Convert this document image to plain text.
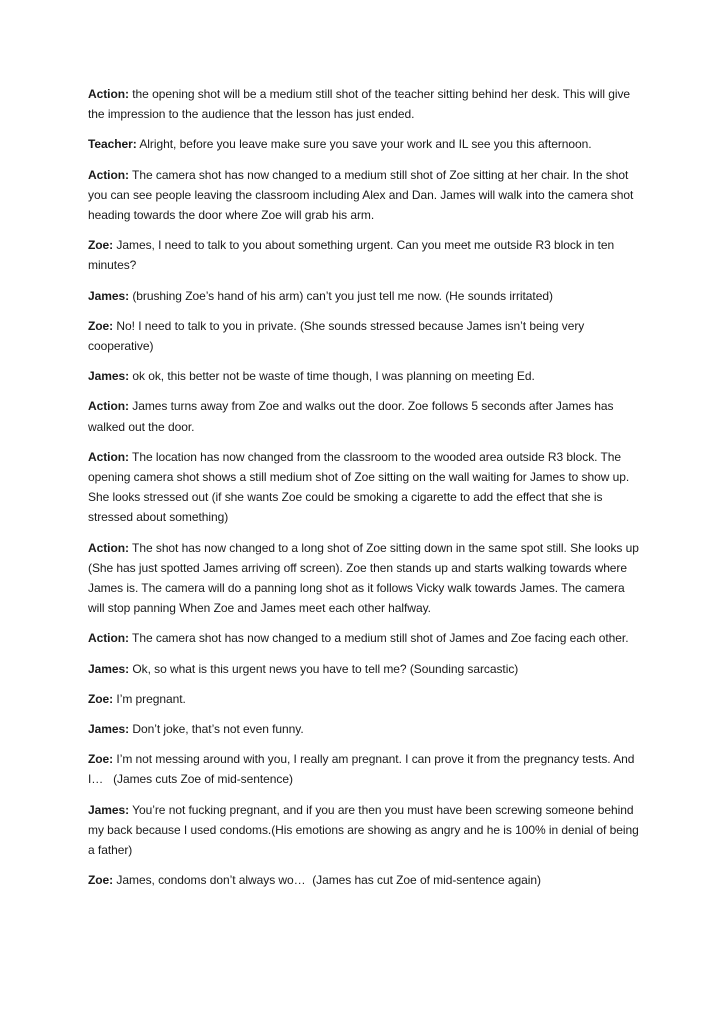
Action: the opening shot will be a medium still shot of the teacher sitting behind her desk. This will give the impression to the audience that the lesson has just ended.

Teacher: Alright, before you leave make sure you save your work and IL see you this afternoon.

Action: The camera shot has now changed to a medium still shot of Zoe sitting at her chair. In the shot you can see people leaving the classroom including Alex and Dan. James will walk into the camera shot heading towards the door where Zoe will grab his arm.

Zoe: James, I need to talk to you about something urgent. Can you meet me outside R3 block in ten minutes?

James: (brushing Zoe’s hand of his arm) can’t you just tell me now. (He sounds irritated)

Zoe: No! I need to talk to you in private. (She sounds stressed because James isn’t being very cooperative)

James: ok ok, this better not be waste of time though, I was planning on meeting Ed.

Action: James turns away from Zoe and walks out the door. Zoe follows 5 seconds after James has walked out the door.

Action: The location has now changed from the classroom to the wooded area outside R3 block. The opening camera shot shows a still medium shot of Zoe sitting on the wall waiting for James to show up. She looks stressed out (if she wants Zoe could be smoking a cigarette to add the effect that she is stressed about something)

Action: The shot has now changed to a long shot of Zoe sitting down in the same spot still. She looks up (She has just spotted James arriving off screen). Zoe then stands up and starts walking towards where James is. The camera will do a panning long shot as it follows Vicky walk towards James. The camera will stop panning When Zoe and James meet each other halfway.

Action: The camera shot has now changed to a medium still shot of James and Zoe facing each other.

James: Ok, so what is this urgent news you have to tell me? (Sounding sarcastic)

Zoe: I’m pregnant.

James: Don’t joke, that’s not even funny.

Zoe: I’m not messing around with you, I really am pregnant. I can prove it from the pregnancy tests. And I…   (James cuts Zoe of mid-sentence)

James: You’re not fucking pregnant, and if you are then you must have been screwing someone behind my back because I used condoms.(His emotions are showing as angry and he is 100% in denial of being a father)

Zoe: James, condoms don’t always wo…  (James has cut Zoe of mid-sentence again)
